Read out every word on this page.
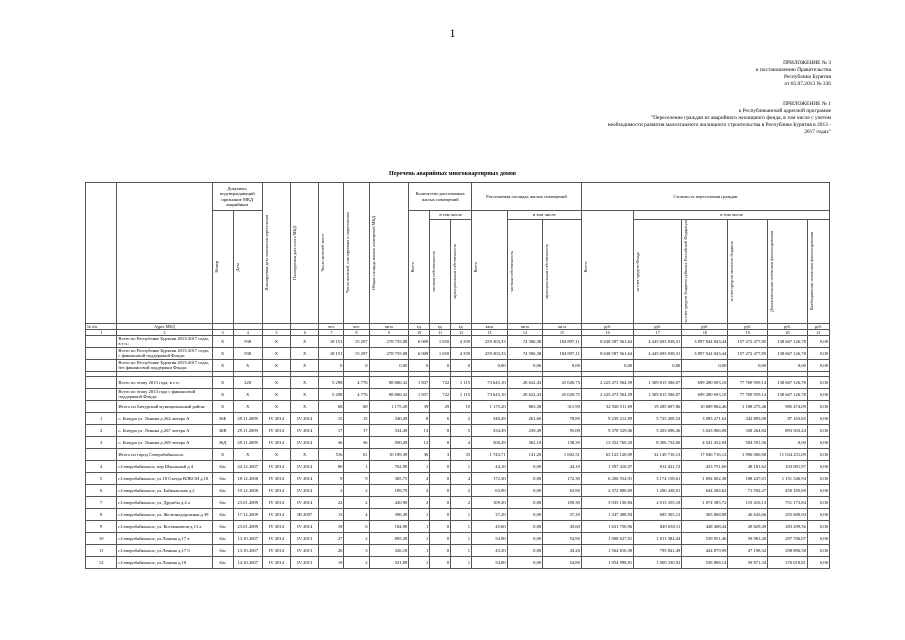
1
ПРИЛОЖЕНИЕ № 3
к постановлению Правительства
Республики Бурятия
от 05.07.2013 № 336
ПРИЛОЖЕНИЕ № 1
к Республиканской адресной программе
"Переселение граждан из аварийного жилищного фонда, в том числе с учетом
необходимости развития малоэтажного жилищного строительства в Республике Бурятия в 2013 -
2017 годах"
Перечень аварийных многоквартирных домов
		Документ, подтверждающий признание МКД аварийным		Планируемая дата окончания переселения	Планируемая дата сноса МКД	Число жителей всего	Число жителей, планируемых к переселению	Общая площадь жилых помещений МКД	Количество расселяемых жилых помещений			Расселяемая площадь жилых помещений			Стоимость переселения граждан					

		Номер	Дата						Всего	в том числе		Всего	в том числе		Всего:	в том числе				

										частная собственность	муниципальная собственность		частная собственность	муниципальная собственность		за счет средств Фонда	за счет средств бюджета субъекта Российской Федерации	за счет средств местного бюджета	Дополнительные источники финансирования	Внебюджетные источники финансирования

№ п/п	Адрес МКД					чел.	чел.	кв.м	ед.	ед.	ед.	кв.м	кв.м	кв.м	руб.	руб.	руб.	руб.	руб.	руб.
1	2	3	4	5	6	7	8	9	10	11	12	13	14	15	16	17	18	19	20	21
	Всего по Республике Бурятия 2013-2017 годы, в т.ч.:	X	938	X	X	18 151	15 297	278 755,08	6 009	1 650	4 359	259 303,33	74 506,38	184 897,11	8 638 587 561,64	4 445 693 938,31	3 897 044 043,44	157 272 477,85	138 667 126,78	0,00
	Всего по Республике Бурятия 2013-2017 годы, с финансовой поддержкой Фонда:	X	938	X	X	18 151	15 297	278 755,08	6 009	1 650	4 359	259 303,33	74 506,38	184 897,11	8 638 587 561,64	4 445 693 938,31	3 897 044 043,44	157 272 477,85	138 667 126,78	0,00
	Всего по Республике Бурятия 2013-2017 годы, без финансовой поддержки Фонда:	X	X	X	X	0	0	0,00	0	0	0	0,00	0,00	0,00	0,00	0,00	0,00	0,00	0,00	0,00

	Всего по этапу 2013 года, в т.ч.:	X	220	X	X	5 298	4 776	88 686,32	1 837	722	1 115	73 645,10	28 622,43	45 020,75	2 225 473 564,59	1 309 815 586,07	699 280 693,18	77 769 959,14	138 667 126,78	0,00
	Всего по этапу 2013 года с финансовой поддержкой Фонда:	X	X	X	X	5 298	4 776	88 686,32	1 837	722	1 115	73 645,10	28 622,43	45 020,75	2 225 473 564,59	1 309 815 586,07	699 280 693,18	77 769 959,14	138 667 126,78	0,00
	Итого по Бичурский муниципальный район:	X	X	X	X	68	68	1 175,20	39	29	10	1 175,20	863,30	311,90	32 928 511,69	19 285 697,86	10 689 864,46	1 188 275,46	985 474,09	0,00
1	с. Бичура ул. Ленина д.262 литера А	36Б	29.11.2009	IV 2014	IV 2014	15	15	340,49	8	6	2	340,49	261,60	78,89	9 239 212,89	5 725 208,54	3 083 271,62	342 893,08	87 163,65	0,00
2	с. Бичура ул. Ленина д.267 литера А	36В	29.11.2009	IV 2014	IV 2014	17	17	334,49	13	8	5	334,49	239,49	95,00	9 378 529,06	5 203 696,36	3 043 066,08	338 264,82	893 503,44	0,00
3	с. Бичура ул. Ленина д.269 литера А	36Д	29.11.2009	IV 2014	IV 2014	36	36	500,49	12	8	4	500,49	362,10	138,39	13 352 769,20	8 306 734,00	4 541 452,94	504 591,56	0,00	0,00
	Итого по город Северобайкальск:	X	X	X	X	516	61	10 189,39	36	3	33	1 743,71	141,20	1 602,51	63 123 120,09	32 149 716,13	17 946 716,12	1 996 066,90	11 034 251,09	0,00
4	г.Северобайкальск, пер Школьный д.4	6/н	24.12.2007	IV 2014	IV 2014	80	1	762,99	1	0	1	44,10	0,00	44,10	1 397 416,97	812 421,72	433 751,60	48 181,62	103 081,97	0,00
5	г.Северобайкальск, ул.18 Съезда ВЛКСМ д.18	6/н	18.12.2008	IV 2014	IV 2014	9	9	385,75	4	0	4	172,30	0,00	172,30	6 206 554,91	3 174 158,61	1 694 602,38	188 247,01	1 151 546,94	0,00
6	г.Северобайкальск, ул. Байкальская д.2	6/н	19.12.2008	IV 2014	IV 2014	2	2	189,79	2	0	2	63,90	0,00	63,90	2 372 800,69	1 206 438,01	644 284,62	71 592,27	450 185,69	0,00
7	г.Северобайкальск, ул. Дружбы д.4 а	6/н	23.01.2009	IV 2014	IV 2014	22	2	420,90	2	0	2	109,30	0,00	109,30	3 935 130,84	2 013 355,18	1 074 385,72	119 416,13	751 173,84	0,00
8	г.Северобайкальск, ул. Железнодорожная д.39	6/н	17.12.2009	IV 2014	III 2007	13	4	396,39	1	0	1	37,20	0,00	37,20	1 347 498,94	685 305,12	365 868,88	40 643,66	255 680,94	0,00
9	г.Северобайкальск, ул. Космонавтов д.13 а	6/н	23.01.2009	IV 2014	IV 2014	18	6	184,90	1	0	1	45,60	0,00	45,60	1 631 750,96	849 658,11	448 408,44	49 829,49	283 299,56	0,00
10	г.Северобайкальск, ул.Ленина д.17 а	6/н	13.10.2007	IV 2014	IV 2013	27	2	895,39	1	0	1	54,90	0,00	54,90	1 908 627,01	1 011 382,44	539 951,46	59 981,20	297 706,07	0,00
11	г.Северобайкальск, ул.Ленина д.17 б	6/н	13.10.2007	IV 2014	IV 2013	20	3	326,18	1	0	1	43,20	0,00	43,20	1 564 816,58	795 841,49	424 879,99	47 198,32	298 896,58	0,00
12	г.Северобайкальск, ул.Ленина д.18	6/н	14.10.2007	IV 2014	IV 2013	19	2	331,89	1	0	1	54,80	0,00	54,80	1 954 998,81	1 009 330,92	538 868,14	59 871,34	376 018,81	0,00
